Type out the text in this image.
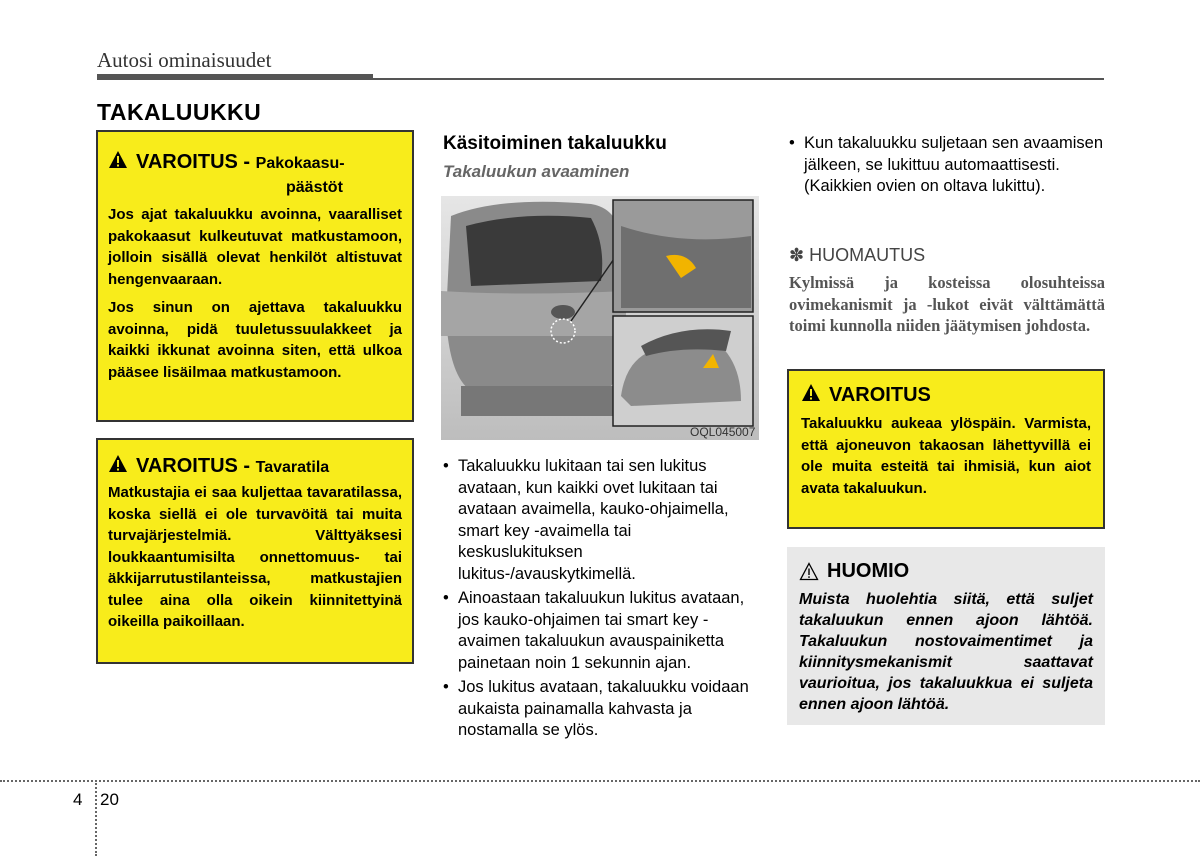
Autosi ominaisuudet
TAKALUUKKU
VAROITUS - Pakokaasu-
päästöt

Jos ajat takaluukku avoinna, vaaralliset pakokaasut kulkeutuvat matkustamoon, jolloin sisällä olevat henkilöt altistuvat hengenvaaraan.

Jos sinun on ajettava takaluukku avoinna, pidä tuuletussuulakkeet ja kaikki ikkunat avoinna siten, että ulkoa pääsee lisäilmaa matkustamoon.

VAROITUS - Tavaratila

Matkustajia ei saa kuljettaa tavaratilassa, koska siellä ei ole turvavöitä tai muita turvajärjestelmiä. Välttyäksesi loukkaantumisilta onnettomuus- tai äkkijarrutustilanteissa, matkustajien tulee aina olla oikein kiinnitettyinä oikeilla paikoillaan.

Käsitoiminen takaluukku
Takaluukun avaaminen
OQL045007
• Takaluukku lukitaan tai sen lukitus avataan, kun kaikki ovet lukitaan tai avataan avaimella, kauko-ohjaimella, smart key -avaimella tai keskuslukituksen lukitus-/avauskytkimellä.
• Ainoastaan takaluukun lukitus avataan, jos kauko-ohjaimen tai smart key -avaimen takaluukun avauspainiketta painetaan noin 1 sekunnin ajan.
• Jos lukitus avataan, takaluukku voidaan aukaista painamalla kahvasta ja nostamalla se ylös.
• Kun takaluukku suljetaan sen avaamisen jälkeen, se lukittuu automaattisesti. (Kaikkien ovien on oltava lukittu).
✽ HUOMAUTUS
Kylmissä ja kosteissa olosuhteissa ovimekanismit ja -lukot eivät välttämättä toimi kunnolla niiden jäätymisen johdosta.
VAROITUS

Takaluukku aukeaa ylöspäin. Varmista, että ajoneuvon takaosan lähettyvillä ei ole muita esteitä tai ihmisiä, kun aiot avata takaluukun.

HUOMIO
Muista huolehtia siitä, että suljet takaluukun ennen ajoon lähtöä. Takaluukun nostovaimentimet ja kiinnitysmekanismit saattavat vaurioitua, jos takaluukkua ei suljeta ennen ajoon lähtöä.
4 20
